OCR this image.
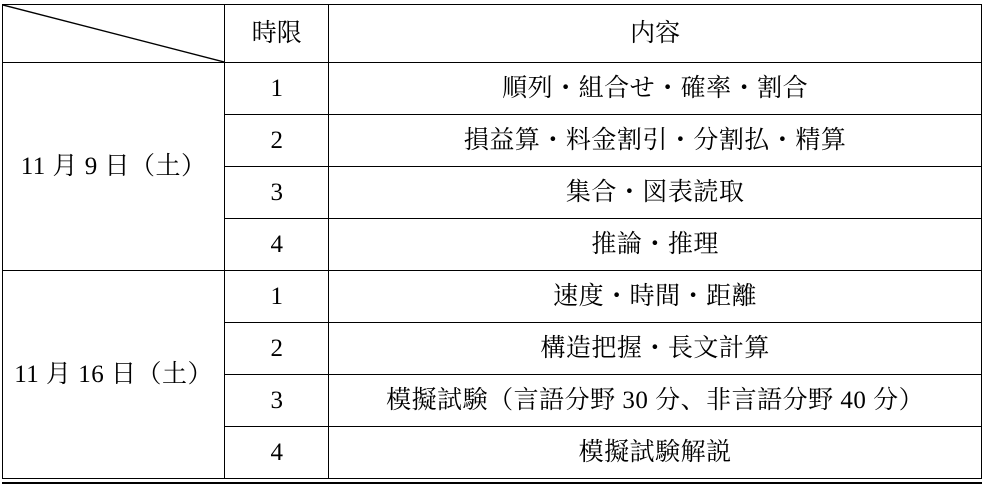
	時限	内容
11 月 9 日（土）	1	順列・組合せ・確率・割合
	2	損益算・料金割引・分割払・精算
	3	集合・図表読取
	4	推論・推理
11 月 16 日（土）	1	速度・時間・距離
	2	構造把握・長文計算
	3	模擬試験（言語分野 30 分、非言語分野 40 分）
	4	模擬試験解説
